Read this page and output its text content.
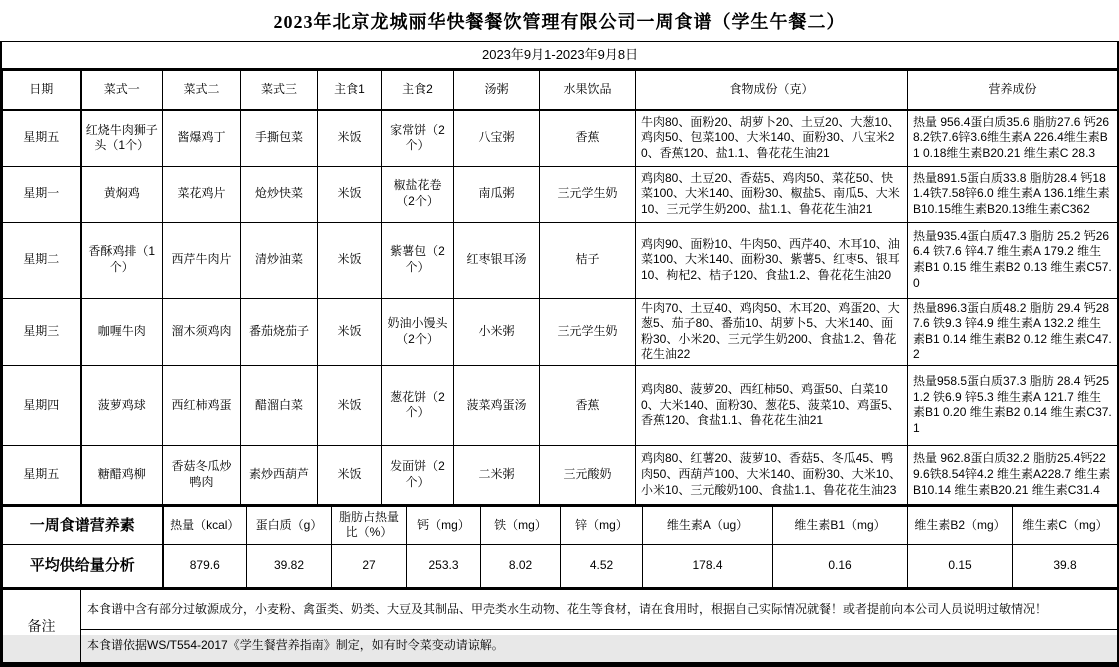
2023年北京龙城丽华快餐餐饮管理有限公司一周食谱（学生午餐二）
2023年9月1-2023年9月8日									
日期	菜式一	菜式二	菜式三	主食1	主食2	汤粥	水果饮品	食物成份（克）	营养成份
星期五	红烧牛肉狮子头（1个）	酱爆鸡丁	手撕包菜	米饭	家常饼（2个）	八宝粥	香蕉	牛肉80、面粉20、胡萝卜20、土豆20、大葱10、鸡肉50、包菜100、大米140、面粉30、八宝米20、香蕉120、盐1.1、鲁花花生油21	热量 956.4蛋白质35.6 脂肪27.6 钙268.2铁7.6锌3.6维生素A 226.4维生素B1 0.18维生素B20.21 维生素C 28.3
星期一	黄焖鸡	菜花鸡片	炝炒快菜	米饭	椒盐花卷（2个）	南瓜粥	三元学生奶	鸡肉80、土豆20、香菇5、鸡肉50、菜花50、快菜100、大米140、面粉30、椒盐5、南瓜5、大米10、三元学生奶200、盐1.1、鲁花花生油21	热量891.5蛋白质33.8 脂肪28.4 钙181.4铁7.58锌6.0 维生素A 136.1维生素B10.15维生素B20.13维生素C362
星期二	香酥鸡排（1个）	西芹牛肉片	清炒油菜	米饭	紫薯包（2个）	红枣银耳汤	桔子	鸡肉90、面粉10、牛肉50、西芹40、木耳10、油菜100、大米140、面粉30、紫薯5、红枣5、银耳10、枸杞2、桔子120、食盐1.2、鲁花花生油20	热量935.4蛋白质47.3 脂肪 25.2 钙266.4 铁7.6 锌4.7 维生素A 179.2 维生素B1 0.15 维生素B2 0.13 维生素C57.0
星期三	咖喱牛肉	溜木须鸡肉	番茄烧茄子	米饭	奶油小馒头（2个）	小米粥	三元学生奶	牛肉70、土豆40、鸡肉50、木耳20、鸡蛋20、大葱5、茄子80、番茄10、胡萝卜5、大米140、面粉30、小米20、三元学生奶200、食盐1.2、鲁花花生油22	热量896.3蛋白质48.2 脂肪 29.4 钙287.6 铁9.3 锌4.9 维生素A 132.2 维生素B1 0.14 维生素B2 0.12 维生素C47.2
星期四	菠萝鸡球	西红柿鸡蛋	醋溜白菜	米饭	葱花饼（2个）	菠菜鸡蛋汤	香蕉	鸡肉80、菠萝20、西红柿50、鸡蛋50、白菜100、大米140、面粉30、葱花5、菠菜10、鸡蛋5、香蕉120、食盐1.1、鲁花花生油21	热量958.5蛋白质37.3 脂肪 28.4 钙251.2 铁6.9 锌5.3 维生素A 121.7 维生素B1 0.20 维生素B2 0.14 维生素C37.1
星期五	糖醋鸡柳	香菇冬瓜炒鸭肉	素炒西葫芦	米饭	发面饼（2个）	二米粥	三元酸奶	鸡肉80、红薯20、菠萝10、香菇5、冬瓜45、鸭肉50、西葫芦100、大米140、面粉30、大米10、小米10、三元酸奶100、食盐1.1、鲁花花生油23	热量 962.8蛋白质32.2 脂肪25.4钙229.6铁8.54锌4.2 维生素A228.7 维生素B10.14 维生素B20.21 维生素C31.4
一周食谱营养素	热量（kcal）	蛋白质（g）	脂肪占热量比（%）	钙（mg）	铁（mg）	锌（mg）	维生素A（ug）	维生素B1（mg）	维生素B2（mg）	维生素C（mg）
平均供给量分析	879.6	39.82	27	253.3	8.02	4.52	178.4	0.16	0.15	39.8
备注	本食谱中含有部分过敏源成分，小麦粉、禽蛋类、奶类、大豆及其制品、甲壳类水生动物、花生等食材，请在食用时，根据自己实际情况就餐！或者提前向本公司人员说明过敏情况！
本食谱依据WS/T554-2017《学生餐营养指南》制定，如有时令菜变动请谅解。
